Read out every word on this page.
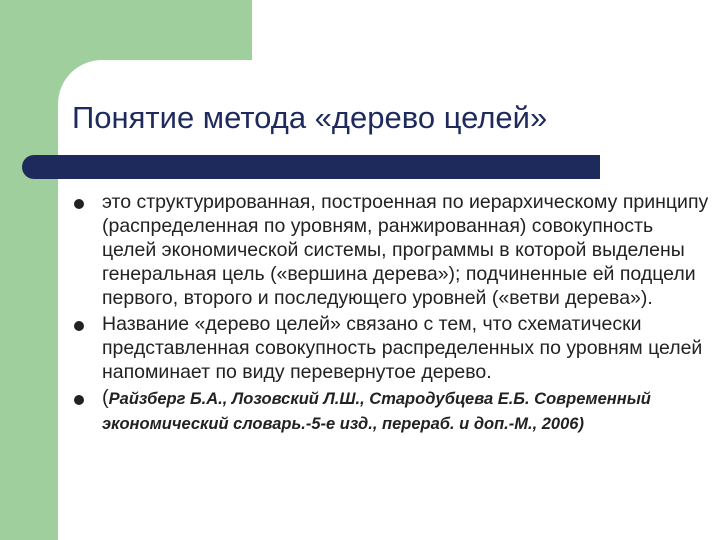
Понятие метода «дерево целей»
это структурированная, построенная по иерархическому принципу (распределенная по уровням, ранжированная) совокупность целей экономической системы, программы в которой выделены генеральная цель («вершина дерева»); подчиненные ей подцели первого, второго и последующего уровней («ветви дерева»).
Название «дерево целей» связано с тем, что схематически представленная совокупность распределенных по уровням целей напоминает по виду перевернутое дерево.
(Райзберг Б.А., Лозовский Л.Ш., Стародубцева Е.Б. Современный экономический словарь.-5-е изд., перераб. и доп.-М., 2006)
